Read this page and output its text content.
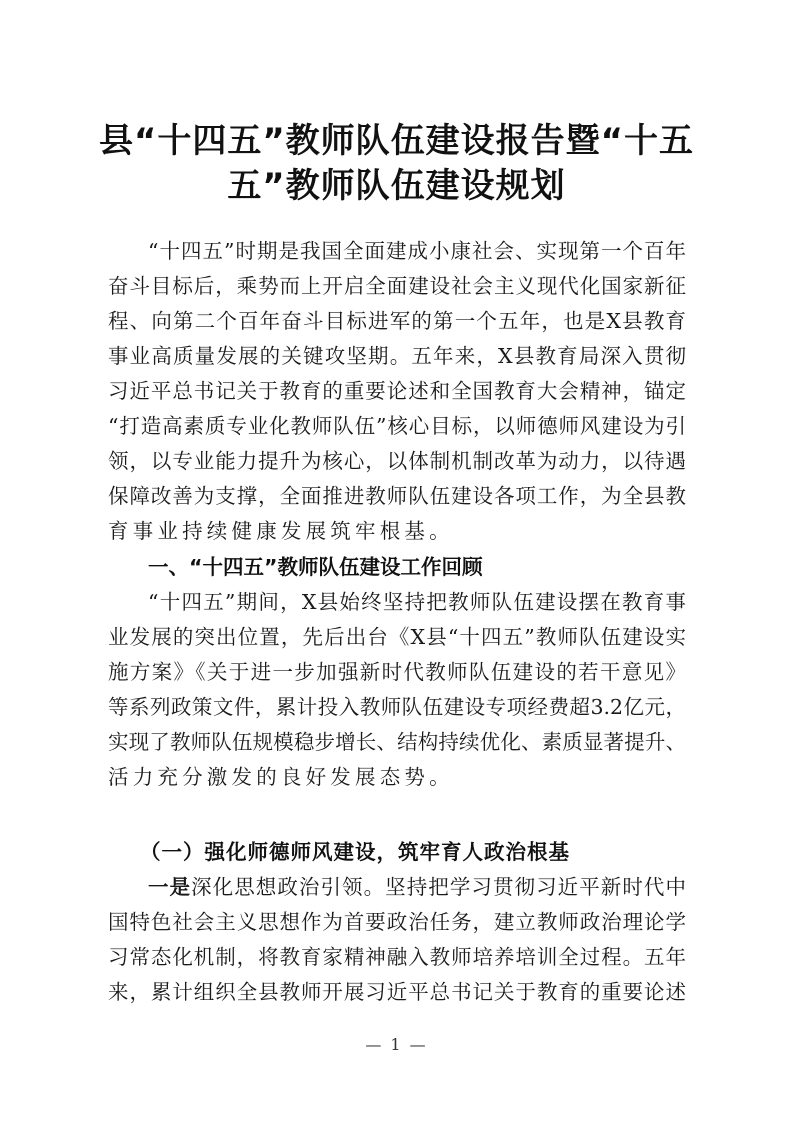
县“十四五”教师队伍建设报告暨“十五
五”教师队伍建设规划
“十四五”时期是我国全面建成小康社会、实现第一个百年
奋斗目标后，乘势而上开启全面建设社会主义现代化国家新征
程、向第二个百年奋斗目标进军的第一个五年，也是X县教育
事业高质量发展的关键攻坚期。五年来，X县教育局深入贯彻
习近平总书记关于教育的重要论述和全国教育大会精神，锚定
“打造高素质专业化教师队伍”核心目标，以师德师风建设为引
领，以专业能力提升为核心，以体制机制改革为动力，以待遇
保障改善为支撑，全面推进教师队伍建设各项工作，为全县教
育事业持续健康发展筑牢根基。
一、“十四五”教师队伍建设工作回顾
“十四五”期间，X县始终坚持把教师队伍建设摆在教育事
业发展的突出位置，先后出台《X县“十四五”教师队伍建设实
施方案》《关于进一步加强新时代教师队伍建设的若干意见》
等系列政策文件，累计投入教师队伍建设专项经费超3.2亿元，
实现了教师队伍规模稳步增长、结构持续优化、素质显著提升、
活力充分激发的良好发展态势。
（一）强化师德师风建设，筑牢育人政治根基
一是深化思想政治引领。坚持把学习贯彻习近平新时代中
国特色社会主义思想作为首要政治任务，建立教师政治理论学
习常态化机制，将教育家精神融入教师培养培训全过程。五年
来，累计组织全县教师开展习近平总书记关于教育的重要论述
— 1 —
